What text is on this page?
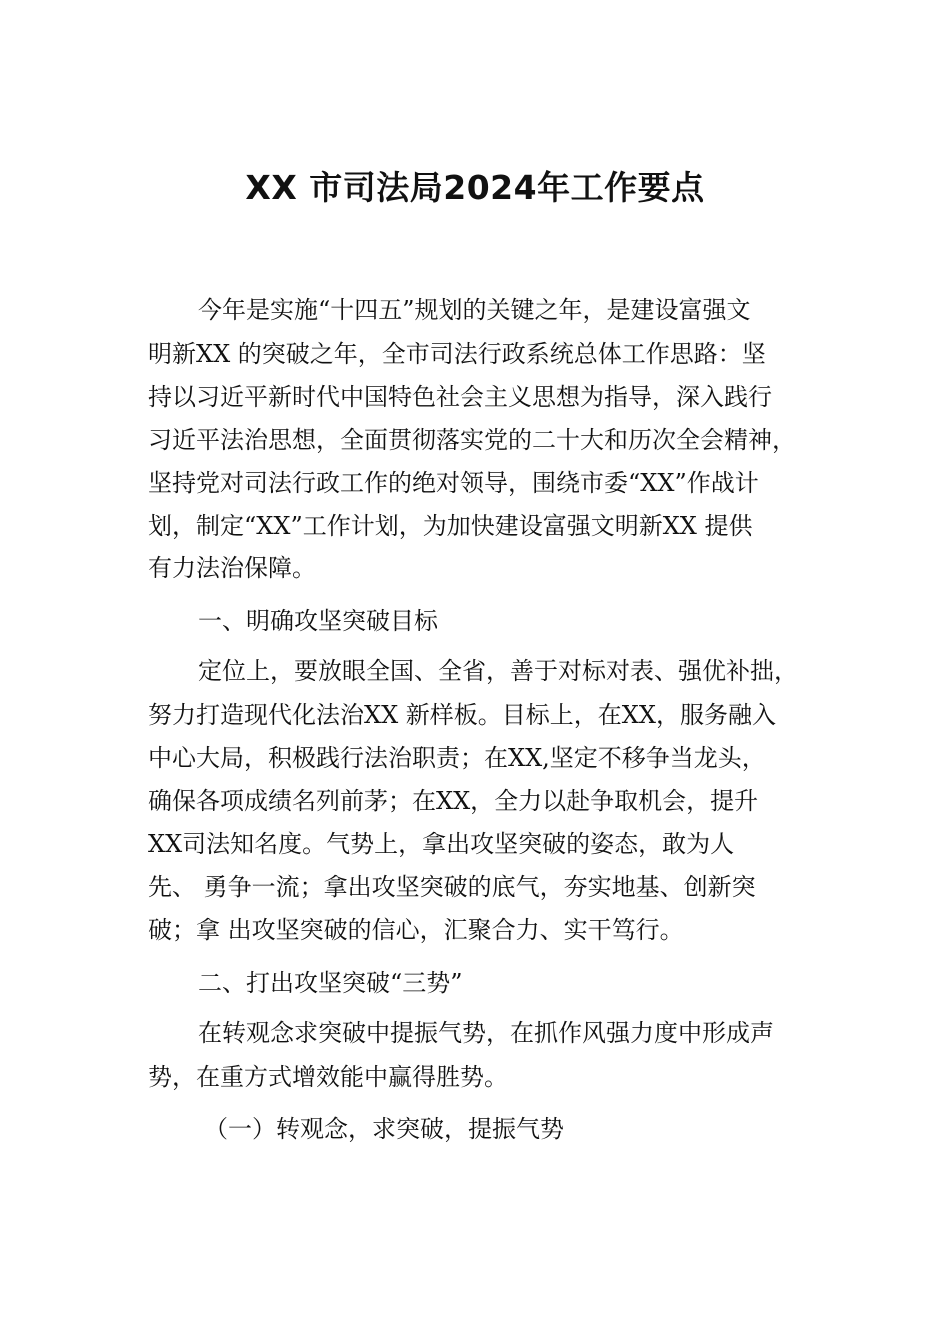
XX 市司法局2024年工作要点
今年是实施“十四五”规划的关键之年，是建设富强文
明新XX 的突破之年，全市司法行政系统总体工作思路：坚
持以习近平新时代中国特色社会主义思想为指导，深入践行
习近平法治思想，全面贯彻落实党的二十大和历次全会精神，
坚持党对司法行政工作的绝对领导，围绕市委“XX”作战计
划，制定“XX”工作计划，为加快建设富强文明新XX 提供
有力法治保障。
一、明确攻坚突破目标
定位上，要放眼全国、全省，善于对标对表、强优补拙，
努力打造现代化法治XX 新样板。目标上，在XX，服务融入
中心大局，积极践行法治职责；在XX,坚定不移争当龙头，
确保各项成绩名列前茅；在XX，全力以赴争取机会，提升
XX司法知名度。气势上，拿出攻坚突破的姿态，敢为人
先、 勇争一流；拿出攻坚突破的底气，夯实地基、创新突
破；拿 出攻坚突破的信心，汇聚合力、实干笃行。
二、打出攻坚突破“三势”
在转观念求突破中提振气势，在抓作风强力度中形成声
势，在重方式增效能中赢得胜势。
（一）转观念，求突破，提振气势
